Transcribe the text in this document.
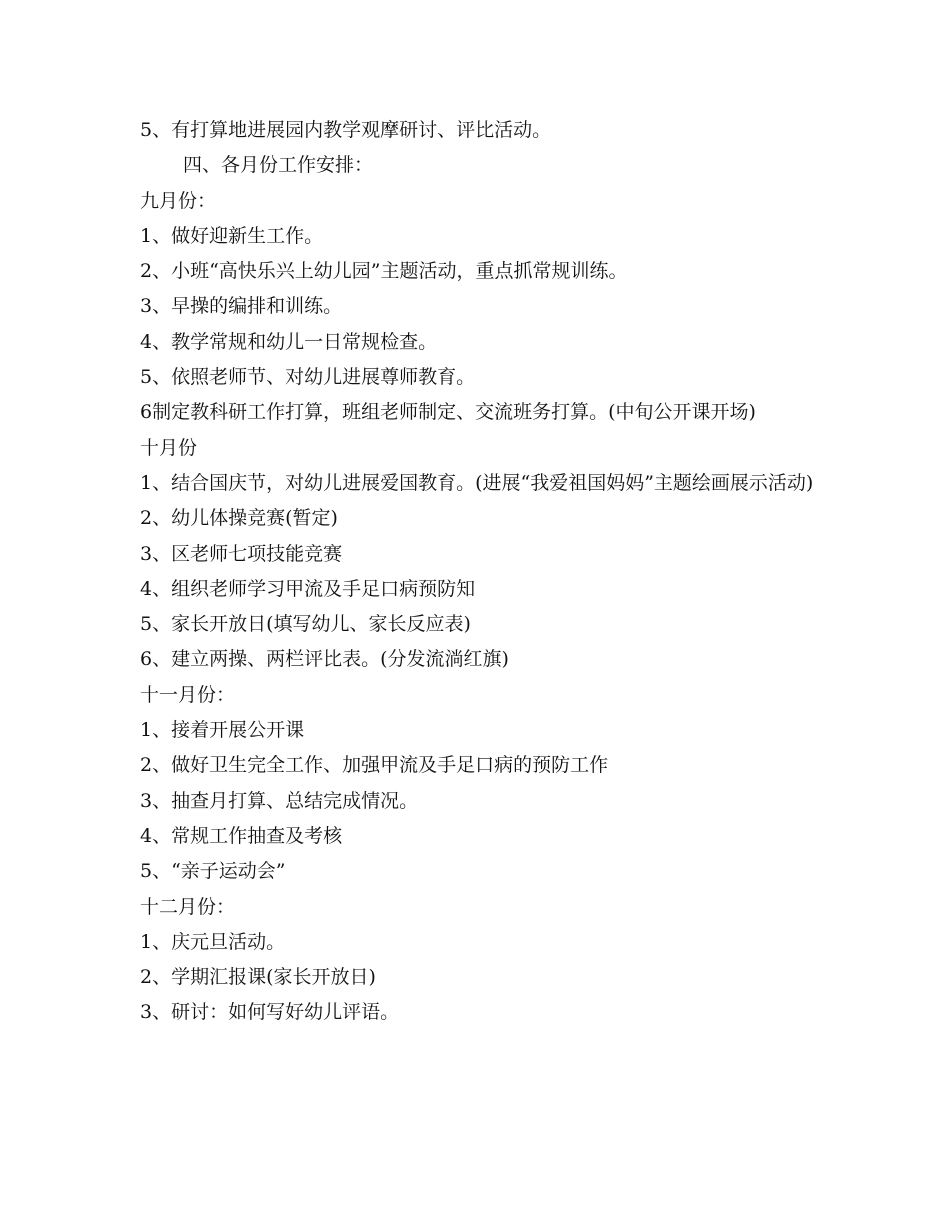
5、有打算地进展园内教学观摩研讨、评比活动。
四、各月份工作安排：
九月份：
1、做好迎新生工作。
2、小班“高快乐兴上幼儿园”主题活动，重点抓常规训练。
3、早操的编排和训练。
4、教学常规和幼儿一日常规检查。
5、依照老师节、对幼儿进展尊师教育。
6制定教科研工作打算，班组老师制定、交流班务打算。(中旬公开课开场)
十月份
1、结合国庆节，对幼儿进展爱国教育。(进展“我爱祖国妈妈”主题绘画展示活动)
2、幼儿体操竞赛(暂定)
3、区老师七项技能竞赛
4、组织老师学习甲流及手足口病预防知
5、家长开放日(填写幼儿、家长反应表)
6、建立两操、两栏评比表。(分发流淌红旗)
十一月份：
1、接着开展公开课
2、做好卫生完全工作、加强甲流及手足口病的预防工作
3、抽查月打算、总结完成情况。
4、常规工作抽查及考核
5、“亲子运动会”
十二月份：
1、庆元旦活动。
2、学期汇报课(家长开放日)
3、研讨：如何写好幼儿评语。
